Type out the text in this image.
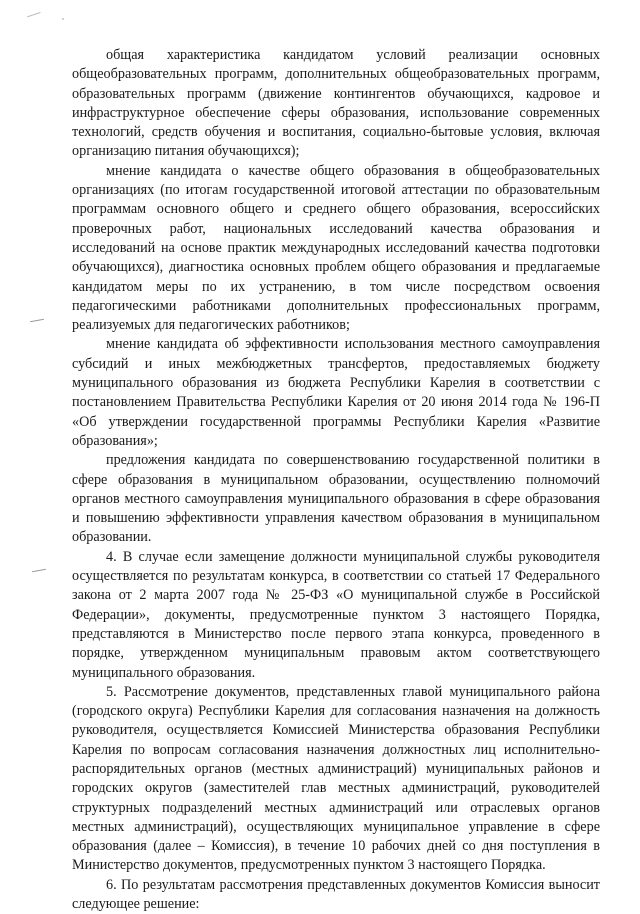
общая характеристика кандидатом условий реализации основных общеобразовательных программ, дополнительных общеобразовательных программ, образовательных программ (движение контингентов обучающихся, кадровое и инфраструктурное обеспечение сферы образования, использование современных технологий, средств обучения и воспитания, социально-бытовые условия, включая организацию питания обучающихся);

мнение кандидата о качестве общего образования в общеобразовательных организациях (по итогам государственной итоговой аттестации по образовательным программам основного общего и среднего общего образования, всероссийских проверочных работ, национальных исследований качества образования и исследований на основе практик международных исследований качества подготовки обучающихся), диагностика основных проблем общего образования и предлагаемые кандидатом меры по их устранению, в том числе посредством освоения педагогическими работниками дополнительных профессиональных программ, реализуемых для педагогических работников;

мнение кандидата об эффективности использования местного самоуправления субсидий и иных межбюджетных трансфертов, предоставляемых бюджету муниципального образования из бюджета Республики Карелия в соответствии с постановлением Правительства Республики Карелия от 20 июня 2014 года № 196-П «Об утверждении государственной программы Республики Карелия «Развитие образования»;

предложения кандидата по совершенствованию государственной политики в сфере образования в муниципальном образовании, осуществлению полномочий органов местного самоуправления муниципального образования в сфере образования и повышению эффективности управления качеством образования в муниципальном образовании.

4. В случае если замещение должности муниципальной службы руководителя осуществляется по результатам конкурса, в соответствии со статьей 17 Федерального закона от 2 марта 2007 года № 25-ФЗ «О муниципальной службе в Российской Федерации», документы, предусмотренные пунктом 3 настоящего Порядка, представляются в Министерство после первого этапа конкурса, проведенного в порядке, утвержденном муниципальным правовым актом соответствующего муниципального образования.

5. Рассмотрение документов, представленных главой муниципального района (городского округа) Республики Карелия для согласования назначения на должность руководителя, осуществляется Комиссией Министерства образования Республики Карелия по вопросам согласования назначения должностных лиц исполнительно-распорядительных органов (местных администраций) муниципальных районов и городских округов (заместителей глав местных администраций, руководителей структурных подразделений местных администраций или отраслевых органов местных администраций), осуществляющих муниципальное управление в сфере образования (далее – Комиссия), в течение 10 рабочих дней со дня поступления в Министерство документов, предусмотренных пунктом 3 настоящего Порядка.

6. По результатам рассмотрения представленных документов Комиссия выносит следующее решение:
